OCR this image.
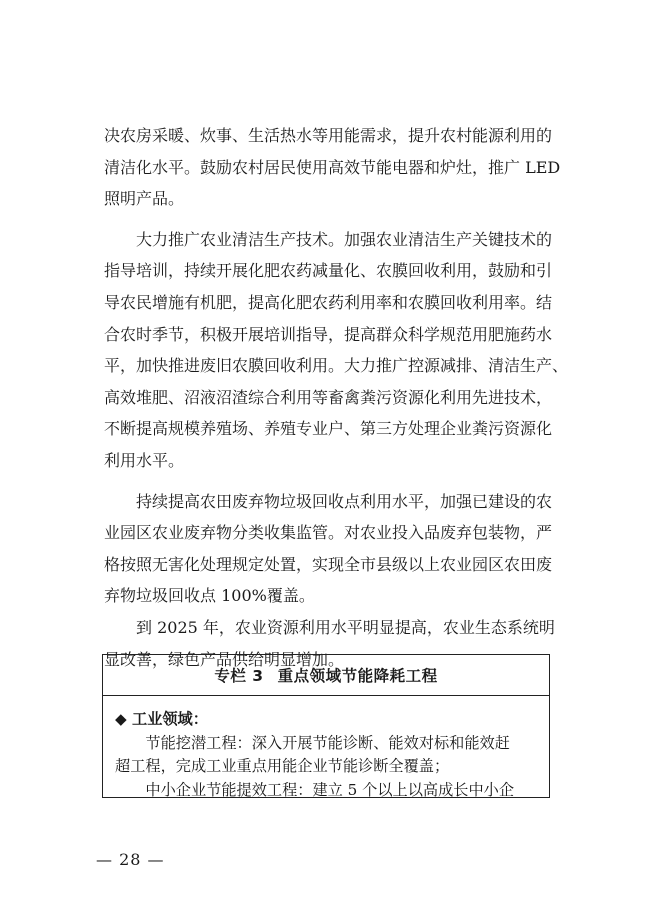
决农房采暖、炊事、生活热水等用能需求，提升农村能源利用的
清洁化水平。鼓励农村居民使用高效节能电器和炉灶，推广 LED
照明产品。

大力推广农业清洁生产技术。加强农业清洁生产关键技术的
指导培训，持续开展化肥农药减量化、农膜回收利用，鼓励和引
导农民增施有机肥，提高化肥农药利用率和农膜回收利用率。结
合农时季节，积极开展培训指导，提高群众科学规范用肥施药水
平，加快推进废旧农膜回收利用。大力推广控源减排、清洁生产、
高效堆肥、沼液沼渣综合利用等畜禽粪污资源化利用先进技术，
不断提高规模养殖场、养殖专业户、第三方处理企业粪污资源化
利用水平。

持续提高农田废弃物垃圾回收点利用水平，加强已建设的农
业园区农业废弃物分类收集监管。对农业投入品废弃包装物，严
格按照无害化处理规定处置，实现全市县级以上农业园区农田废
弃物垃圾回收点 100%覆盖。

到 2025 年，农业资源利用水平明显提高，农业生态系统明
显改善，绿色产品供给明显增加。

专栏 3 重点领域节能降耗工程
◆ 工业领域：
节能挖潜工程：深入开展节能诊断、能效对标和能效赶
超工程，完成工业重点用能企业节能诊断全覆盖；
中小企业节能提效工程：建立 5 个以上以高成长中小企
— 28 —
